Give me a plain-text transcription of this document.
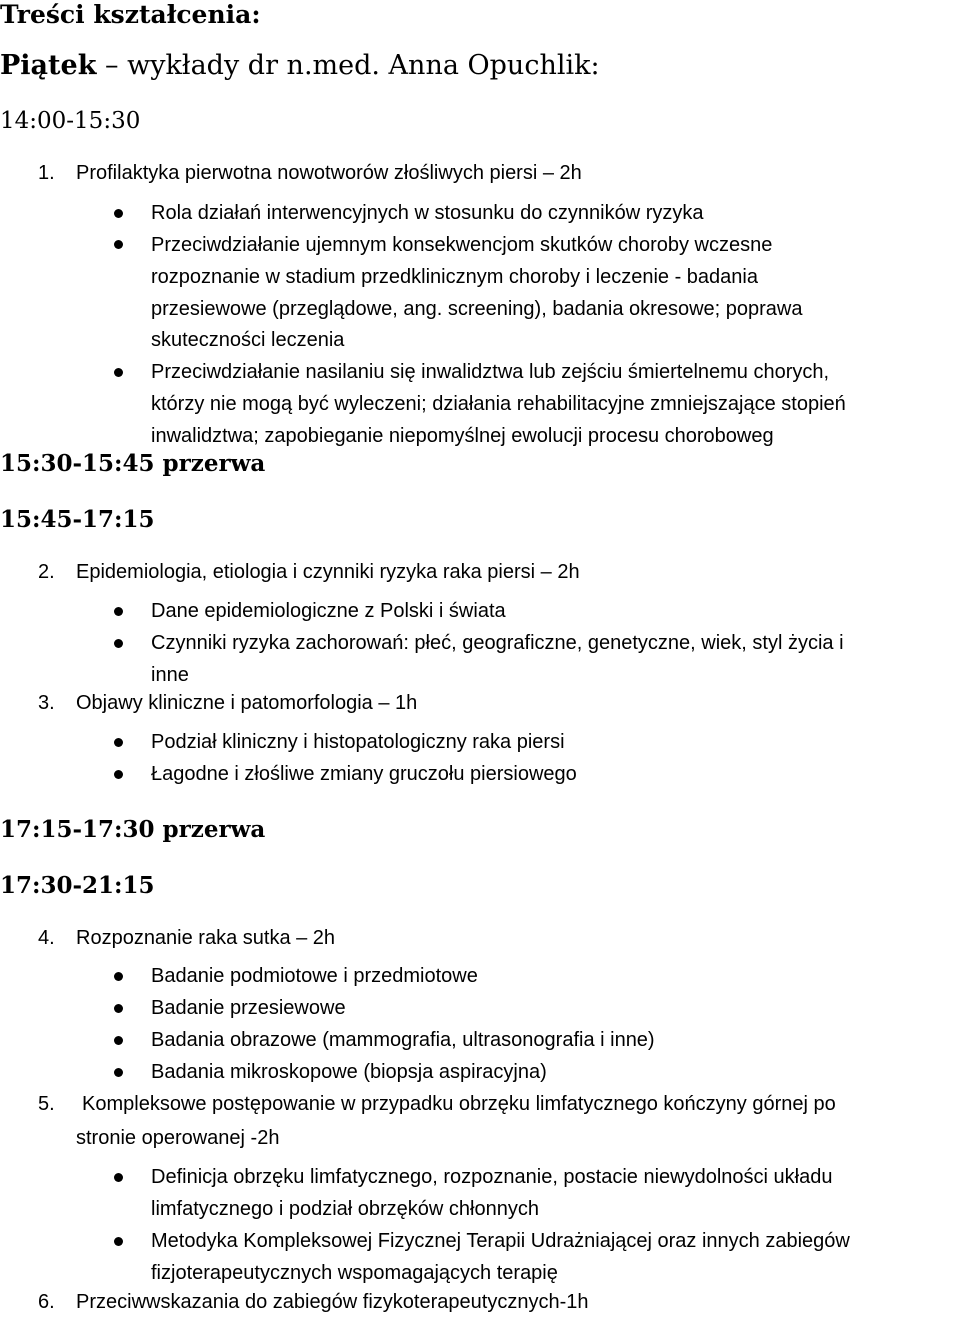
Treści kształcenia:
Piątek – wykłady dr n.med. Anna Opuchlik:
14:00-15:30
1. Profilaktyka pierwotna nowotworów złośliwych piersi – 2h
Rola działań interwencyjnych w stosunku do czynników ryzyka
Przeciwdziałanie ujemnym konsekwencjom skutków choroby wczesne
rozpoznanie w stadium przedklinicznym choroby i leczenie - badania
przesiewowe (przeglądowe, ang. screening), badania okresowe; poprawa
skuteczności leczenia
Przeciwdziałanie nasilaniu się inwalidztwa lub zejściu śmiertelnemu chorych,
którzy nie mogą być wyleczeni; działania rehabilitacyjne zmniejszające stopień
inwalidztwa; zapobieganie niepomyślnej ewolucji procesu choroboweg
15:30-15:45 przerwa
15:45-17:15
2. Epidemiologia, etiologia i czynniki ryzyka raka piersi – 2h
Dane epidemiologiczne z Polski i świata
Czynniki ryzyka zachorowań: płeć, geograficzne, genetyczne, wiek, styl życia i
inne
3. Objawy kliniczne i patomorfologia – 1h
Podział kliniczny i histopatologiczny raka piersi
Łagodne i złośliwe zmiany gruczołu piersiowego
17:15-17:30 przerwa
17:30-21:15
4. Rozpoznanie raka sutka – 2h
Badanie podmiotowe i przedmiotowe
Badanie przesiewowe
Badania obrazowe (mammografia, ultrasonografia i inne)
Badania mikroskopowe (biopsja aspiracyjna)
5. Kompleksowe postępowanie w przypadku obrzęku limfatycznego kończyny górnej po
stronie operowanej -2h
Definicja obrzęku limfatycznego, rozpoznanie, postacie niewydolności układu
limfatycznego i podział obrzęków chłonnych
Metodyka Kompleksowej Fizycznej Terapii Udrażniającej oraz innych zabiegów
fizjoterapeutycznych wspomagających terapię
6. Przeciwwskazania do zabiegów fizykoterapeutycznych-1h
